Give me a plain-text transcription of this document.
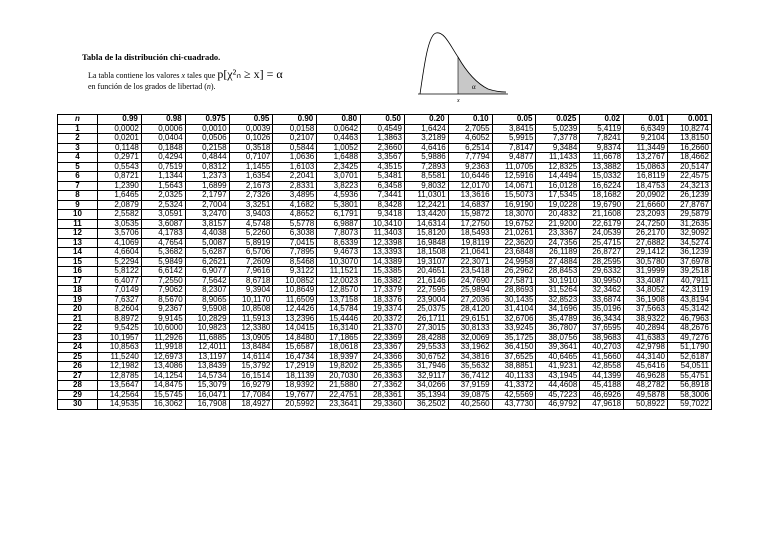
Tabla de la distribución chi-cuadrado.
La tabla contiene los valores x tales que p[χ²ₙ ≥ x] = α
en función de los grados de libertad (n).	α
x
n	0.99	0.98	0.975	0.95	0.90	0.80	0.50	0.20	0.10	0.05	0.025	0.02	0.01	0.001
1	0,0002	0,0006	0,0010	0,0039	0,0158	0,0642	0,4549	1,6424	2,7055	3,8415	5,0239	5,4119	6,6349	10,8274
2	0,0201	0,0404	0,0506	0,1026	0,2107	0,4463	1,3863	3,2189	4,6052	5,9915	7,3778	7,8241	9,2104	13,8150
3	0,1148	0,1848	0,2158	0,3518	0,5844	1,0052	2,3660	4,6416	6,2514	7,8147	9,3484	9,8374	11,3449	16,2660
4	0,2971	0,4294	0,4844	0,7107	1,0636	1,6488	3,3567	5,9886	7,7794	9,4877	11,1433	11,6678	13,2767	18,4662
5	0,5543	0,7519	0,8312	1,1455	1,6103	2,3425	4,3515	7,2893	9,2363	11,0705	12,8325	13,3882	15,0863	20,5147
6	0,8721	1,1344	1,2373	1,6354	2,2041	3,0701	5,3481	8,5581	10,6446	12,5916	14,4494	15,0332	16,8119	22,4575
7	1,2390	1,5643	1,6899	2,1673	2,8331	3,8223	6,3458	9,8032	12,0170	14,0671	16,0128	16,6224	18,4753	24,3213
8	1,6465	2,0325	2,1797	2,7326	3,4895	4,5936	7,3441	11,0301	13,3616	15,5073	17,5345	18,1682	20,0902	26,1239
9	2,0879	2,5324	2,7004	3,3251	4,1682	5,3801	8,3428	12,2421	14,6837	16,9190	19,0228	19,6790	21,6660	27,8767
10	2,5582	3,0591	3,2470	3,9403	4,8652	6,1791	9,3418	13,4420	15,9872	18,3070	20,4832	21,1608	23,2093	29,5879
11	3,0535	3,6087	3,8157	4,5748	5,5778	6,9887	10,3410	14,6314	17,2750	19,6752	21,9200	22,6179	24,7250	31,2635
12	3,5706	4,1783	4,4038	5,2260	6,3038	7,8073	11,3403	15,8120	18,5493	21,0261	23,3367	24,0539	26,2170	32,9092
13	4,1069	4,7654	5,0087	5,8919	7,0415	8,6339	12,3398	16,9848	19,8119	22,3620	24,7356	25,4715	27,6882	34,5274
14	4,6604	5,3682	5,6287	6,5706	7,7895	9,4673	13,3393	18,1508	21,0641	23,6848	26,1189	26,8727	29,1412	36,1239
15	5,2294	5,9849	6,2621	7,2609	8,5468	10,3070	14,3389	19,3107	22,3071	24,9958	27,4884	28,2595	30,5780	37,6978
16	5,8122	6,6142	6,9077	7,9616	9,3122	11,1521	15,3385	20,4651	23,5418	26,2962	28,8453	29,6332	31,9999	39,2518
17	6,4077	7,2550	7,5642	8,6718	10,0852	12,0023	16,3382	21,6146	24,7690	27,5871	30,1910	30,9950	33,4087	40,7911
18	7,0149	7,9062	8,2307	9,3904	10,8649	12,8570	17,3379	22,7595	25,9894	28,8693	31,5264	32,3462	34,8052	42,3119
19	7,6327	8,5670	8,9065	10,1170	11,6509	13,7158	18,3376	23,9004	27,2036	30,1435	32,8523	33,6874	36,1908	43,8194
20	8,2604	9,2367	9,5908	10,8508	12,4426	14,5784	19,3374	25,0375	28,4120	31,4104	34,1696	35,0196	37,5663	45,3142
21	8,8972	9,9145	10,2829	11,5913	13,2396	15,4446	20,3372	26,1711	29,6151	32,6706	35,4789	36,3434	38,9322	46,7963
22	9,5425	10,6000	10,9823	12,3380	14,0415	16,3140	21,3370	27,3015	30,8133	33,9245	36,7807	37,6595	40,2894	48,2676
23	10,1957	11,2926	11,6885	13,0905	14,8480	17,1865	22,3369	28,4288	32,0069	35,1725	38,0756	38,9683	41,6383	49,7276
24	10,8563	11,9918	12,4011	13,8484	15,6587	18,0618	23,3367	29,5533	33,1962	36,4150	39,3641	40,2703	42,9798	51,1790
25	11,5240	12,6973	13,1197	14,6114	16,4734	18,9397	24,3366	30,6752	34,3816	37,6525	40,6465	41,5660	44,3140	52,6187
26	12,1982	13,4086	13,8439	15,3792	17,2919	19,8202	25,3365	31,7946	35,5632	38,8851	41,9231	42,8558	45,6416	54,0511
27	12,8785	14,1254	14,5734	16,1514	18,1139	20,7030	26,3363	32,9117	36,7412	40,1133	43,1945	44,1399	46,9628	55,4751
28	13,5647	14,8475	15,3079	16,9279	18,9392	21,5880	27,3362	34,0266	37,9159	41,3372	44,4608	45,4188	48,2782	56,8918
29	14,2564	15,5745	16,0471	17,7084	19,7677	22,4751	28,3361	35,1394	39,0875	42,5569	45,7223	46,6926	49,5878	58,3006
30	14,9535	16,3062	16,7908	18,4927	20,5992	23,3641	29,3360	36,2502	40,2560	43,7730	46,9792	47,9618	50,8922	59,7022
